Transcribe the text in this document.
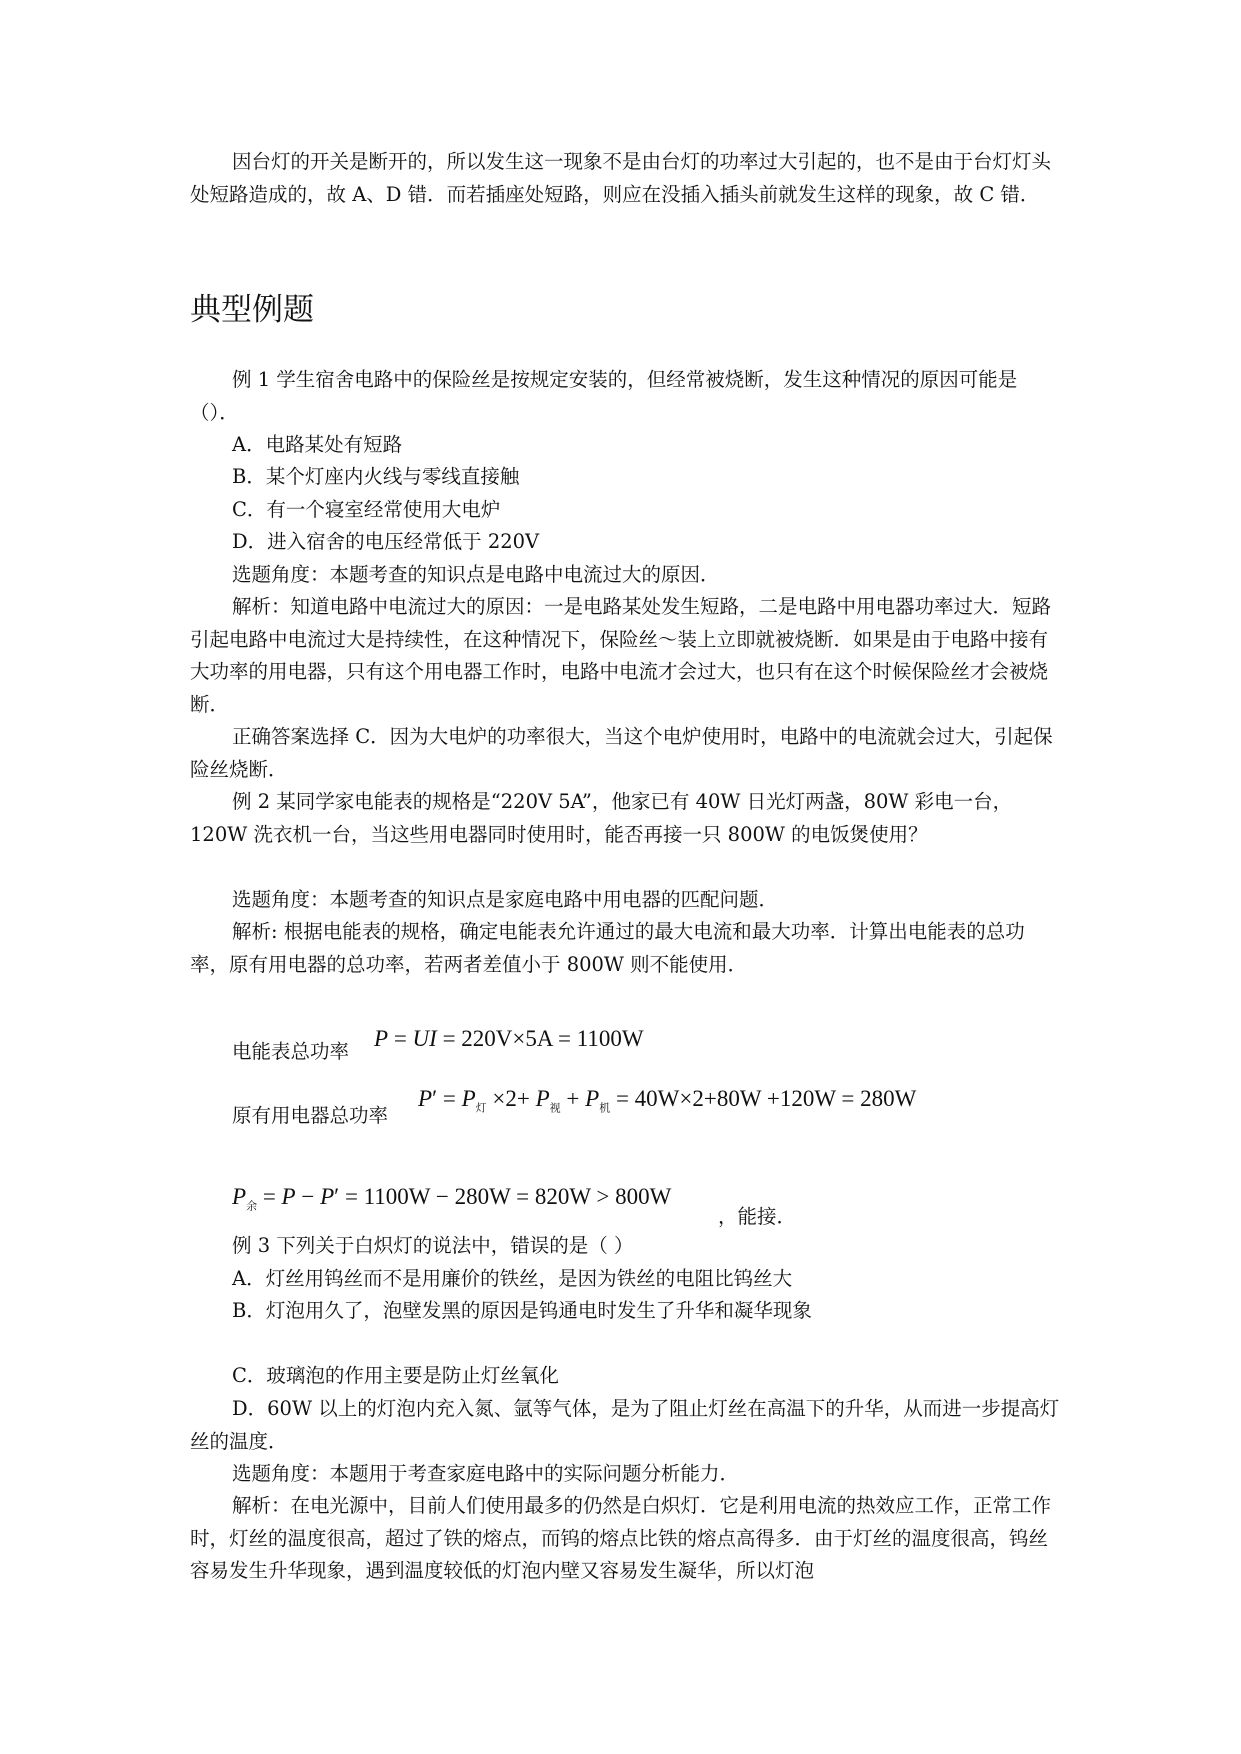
因台灯的开关是断开的，所以发生这一现象不是由台灯的功率过大引起的，也不是由于台灯灯头处短路造成的，故 A、D 错．而若插座处短路，则应在没插入插头前就发生这样的现象，故 C 错．

典型例题

例 1 学生宿舍电路中的保险丝是按规定安装的，但经常被烧断，发生这种情况的原因可能是（）．

A．电路某处有短路

B．某个灯座内火线与零线直接触

C．有一个寝室经常使用大电炉

D．进入宿舍的电压经常低于 220V

选题角度：本题考查的知识点是电路中电流过大的原因．

解析：知道电路中电流过大的原因：一是电路某处发生短路，二是电路中用电器功率过大．短路引起电路中电流过大是持续性，在这种情况下，保险丝～装上立即就被烧断．如果是由于电路中接有大功率的用电器，只有这个用电器工作时，电路中电流才会过大，也只有在这个时候保险丝才会被烧断．

正确答案选择 C．因为大电炉的功率很大，当这个电炉使用时，电路中的电流就会过大，引起保险丝烧断．

例 2 某同学家电能表的规格是“220V 5A”，他家已有 40W 日光灯两盏，80W 彩电一台，120W 洗衣机一台，当这些用电器同时使用时，能否再接一只 800W 的电饭煲使用？

选题角度：本题考查的知识点是家庭电路中用电器的匹配问题．

解析: 根据电能表的规格，确定电能表允许通过的最大电流和最大功率．计算出电能表的总功率，原有用电器的总功率，若两者差值小于 800W 则不能使用．

电能表总功率
P = UI = 220V×5A = 1100W
原有用电器总功率
$P' = P_灯 \times 2+ P_视 + P_机 = 40W\times 2+80W +120W = 280W$
$P_余 = P - P' = 1100W - 280W = 820W > 800W$
，能接．

例 3 下列关于白炽灯的说法中，错误的是（ ）

A．灯丝用钨丝而不是用廉价的铁丝，是因为铁丝的电阻比钨丝大

B．灯泡用久了，泡壁发黑的原因是钨通电时发生了升华和凝华现象

C．玻璃泡的作用主要是防止灯丝氧化

D．60W 以上的灯泡内充入氮、氩等气体，是为了阻止灯丝在高温下的升华，从而进一步提高灯丝的温度．

选题角度：本题用于考查家庭电路中的实际问题分析能力．

解析：在电光源中，目前人们使用最多的仍然是白炽灯．它是利用电流的热效应工作，正常工作时，灯丝的温度很高，超过了铁的熔点，而钨的熔点比铁的熔点高得多．由于灯丝的温度很高，钨丝容易发生升华现象，遇到温度较低的灯泡内壁又容易发生凝华，所以灯泡
